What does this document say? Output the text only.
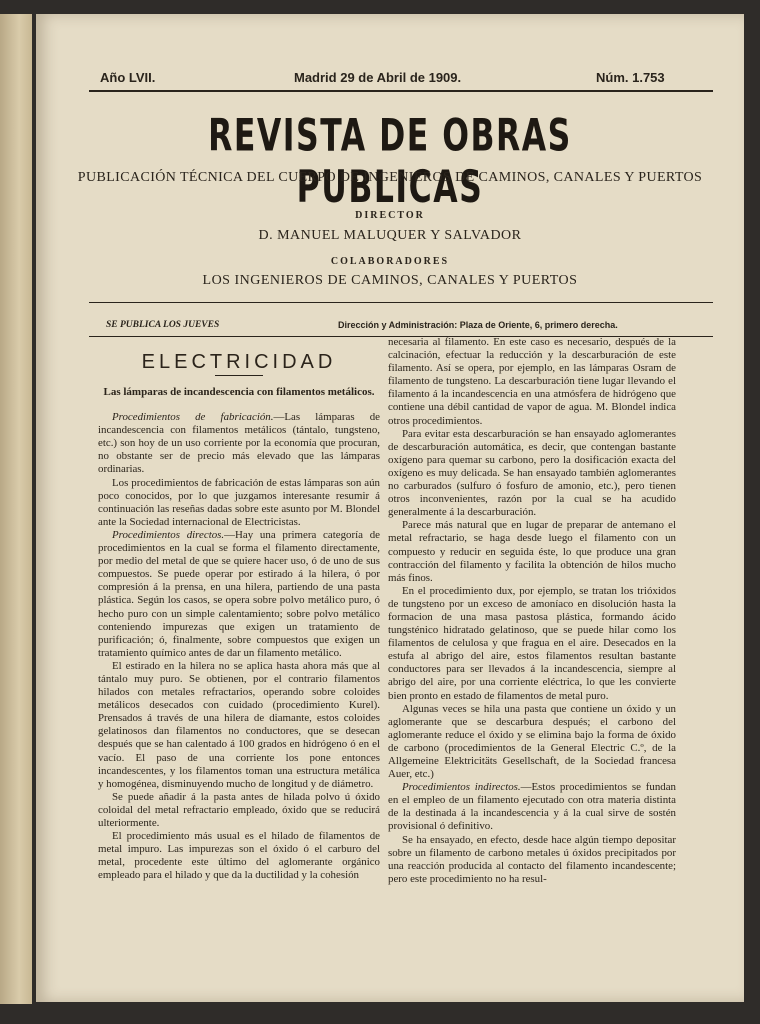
Año LVII.	Madrid 29 de Abril de 1909.	Núm. 1.753
REVISTA DE OBRAS PUBLICAS
PUBLICACIÓN TÉCNICA DEL CUERPO DE INGENIEROS DE CAMINOS, CANALES Y PUERTOS
DIRECTOR
D. MANUEL MALUQUER Y SALVADOR
COLABORADORES
LOS INGENIEROS DE CAMINOS, CANALES Y PUERTOS
SE PUBLICA LOS JUEVES	Dirección y Administración: Plaza de Oriente, 6, primero derecha.
ELECTRICIDAD
Las lámparas de incandescencia con filamentos metálicos.

Procedimientos de fabricación.—Las lámparas de incandescencia con filamentos metálicos (tántalo, tungsteno, etc.) son hoy de un uso corriente por la economía que procuran, no obstante ser de precio más elevado que las lámparas ordinarias.

Los procedimientos de fabricación de estas lámparas son aún poco conocidos, por lo que juzgamos interesante resumir á continuación las reseñas dadas sobre este asunto por M. Blondel ante la Sociedad internacional de Electricistas.

Procedimientos directos.—Hay una primera categoría de procedimientos en la cual se forma el filamento directamente, por medio del metal de que se quiere hacer uso, ó de uno de sus compuestos. Se puede operar por estirado á la hilera, ó por compresión á la prensa, en una hilera, partiendo de una pasta plástica. Según los casos, se opera sobre polvo metálico puro, ó hecho puro con un simple calentamiento; sobre polvo metálico conteniendo impurezas que exigen un tratamiento de purificación; ó, finalmente, sobre compuestos que exigen un tratamiento químico antes de dar un filamento metálico.

El estirado en la hilera no se aplica hasta ahora más que al tántalo muy puro. Se obtienen, por el contrario filamentos hilados con metales refractarios, operando sobre coloides metálicos desecados con cuidado (procedimiento Kurel). Prensados á través de una hilera de diamante, estos coloides gelatinosos dan filamentos no conductores, que se desecan después que se han calentado á 100 grados en hidrógeno ó en el vacío. El paso de una corriente los pone entonces incandescentes, y los filamentos toman una estructura metálica y homogénea, disminuyendo mucho de longitud y de diámetro.

Se puede añadir á la pasta antes de hilada polvo ú óxido coloidal del metal refractario empleado, óxido que se reducirá ulteriormente.

El procedimiento más usual es el hilado de filamentos de metal impuro. Las impurezas son el óxido ó el carburo del metal, procedente este último del aglomerante orgánico empleado para el hilado y que da la ductilidad y la cohesión

necesaria al filamento. En este caso es necesario, después de la calcinación, efectuar la reducción y la descarburación de este filamento. Así se opera, por ejemplo, en las lámparas Osram de filamento de tungsteno. La descarburación tiene lugar llevando el filamento á la incandescencia en una atmósfera de hidrógeno que contiene una débil cantidad de vapor de agua. M. Blondel indica otros procedimientos.

Para evitar esta descarburación se han ensayado aglomerantes de descarburación automática, es decir, que contengan bastante oxígeno para quemar su carbono, pero la dosificación exacta del oxígeno es muy delicada. Se han ensayado también aglomerantes no carburados (sulfuro ó fosfuro de amonio, etc.), pero tienen otros inconvenientes, razón por la cual se ha acudido generalmente á la descarburación.

Parece más natural que en lugar de preparar de antemano el metal refractario, se haga desde luego el filamento con un compuesto y reducir en seguida éste, lo que produce una gran contracción del filamento y facilita la obtención de hilos mucho más finos.

En el procedimiento dux, por ejemplo, se tratan los trióxidos de tungsteno por un exceso de amoníaco en disolución hasta la formacion de una masa pastosa plástica, formando ácido tungsténico hidratado gelatinoso, que se puede hilar como los filamentos de celulosa y que fragua en el aire. Desecados en la estufa al abrigo del aire, estos filamentos resultan bastante conductores para ser llevados á la incandescencia, siempre al abrigo del aire, por una corriente eléctrica, lo que les convierte bien pronto en estado de filamentos de metal puro.

Algunas veces se hila una pasta que contiene un óxido y un aglomerante que se descarbura después; el carbono del aglomerante reduce el óxido y se elimina bajo la forma de óxido de carbono (procedimientos de la General Electric C.º, de la Allgemeine Elektricitäts Gesellschaft, de la Sociedad francesa Auer, etc.)

Procedimientos indirectos.—Estos procedimientos se fundan en el empleo de un filamento ejecutado con otra materia distinta de la destinada á la incandescencia y á la cual sirve de sostén provisional ó definitivo.

Se ha ensayado, en efecto, desde hace algún tiempo depositar sobre un filamento de carbono metales ú óxidos precipitados por una reacción producida al contacto del filamento incandescente; pero este procedimiento no ha resul-
